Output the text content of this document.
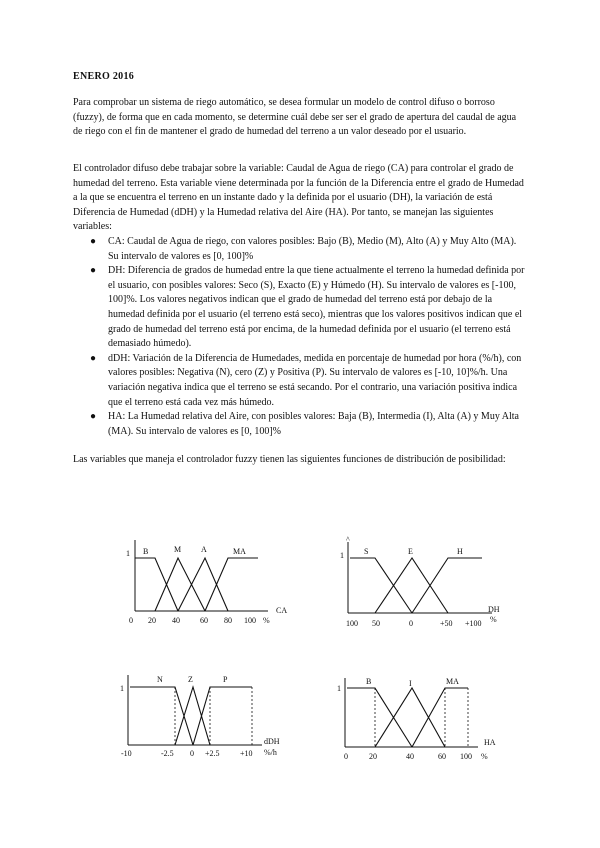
ENERO 2016

Para comprobar un sistema de riego automático, se desea formular un modelo de control difuso o borroso (fuzzy), de forma que en cada momento, se determine cuál debe ser ser el grado de apertura del caudal de agua de riego con el fin de mantener el grado de humedad del terreno a un valor deseado por el usuario.

El controlador difuso debe trabajar sobre la variable: Caudal de Agua de riego (CA) para controlar el grado de humedad del terreno. Esta variable viene determinada por la función de la Diferencia entre el grado de Humedad a la que se encuentra el terreno en un instante dado y la definida por el usuario (DH), la variación de está Diferencia de Humedad (dDH) y la Humedad relativa del Aire (HA). Por tanto, se manejan las siguientes variables:

● CA: Caudal de Agua de riego, con valores posibles: Bajo (B), Medio (M), Alto (A) y Muy Alto (MA). Su intervalo de valores es [0, 100]%
● DH: Diferencia de grados de humedad entre la que tiene actualmente el terreno la humedad definida por el usuario, con posibles valores: Seco (S), Exacto (E) y Húmedo (H). Su intervalo de valores es [-100, 100]%. Los valores negativos indican que el grado de humedad del terreno está por debajo de la humedad definida por el usuario (el terreno está seco), mientras que los valores positivos indican que el grado de humedad del terreno está por encima, de la humedad definida por el usuario (el terreno está demasiado húmedo).
● dDH: Variación de la Diferencia de Humedades, medida en porcentaje de humedad por hora (%/h), con valores posibles: Negativa (N), cero (Z) y Positiva (P). Su intervalo de valores es [-10, 10]%/h. Una variación negativa indica que el terreno se está secando. Por el contrario, una variación positiva indica que el terreno está cada vez más húmedo.
● HA: La Humedad relativa del Aire, con posibles valores: Baja (B), Intermedia (I), Alta (A) y Muy Alta (MA). Su intervalo de valores es [0, 100]%

Las variables que maneja el controlador fuzzy tienen las siguientes funciones de distribución de posibilidad:

1 B	M A	MA
0 20 40	60 80 100 %
CA
^
1	S	E	H
100 50	0	+50 +100
DH
%
1
N	Z	P
-10	-2.5 0 +2.5	+10
dDH
%/h
1
B	I	MA
0	20	40	60 100
HA
%
